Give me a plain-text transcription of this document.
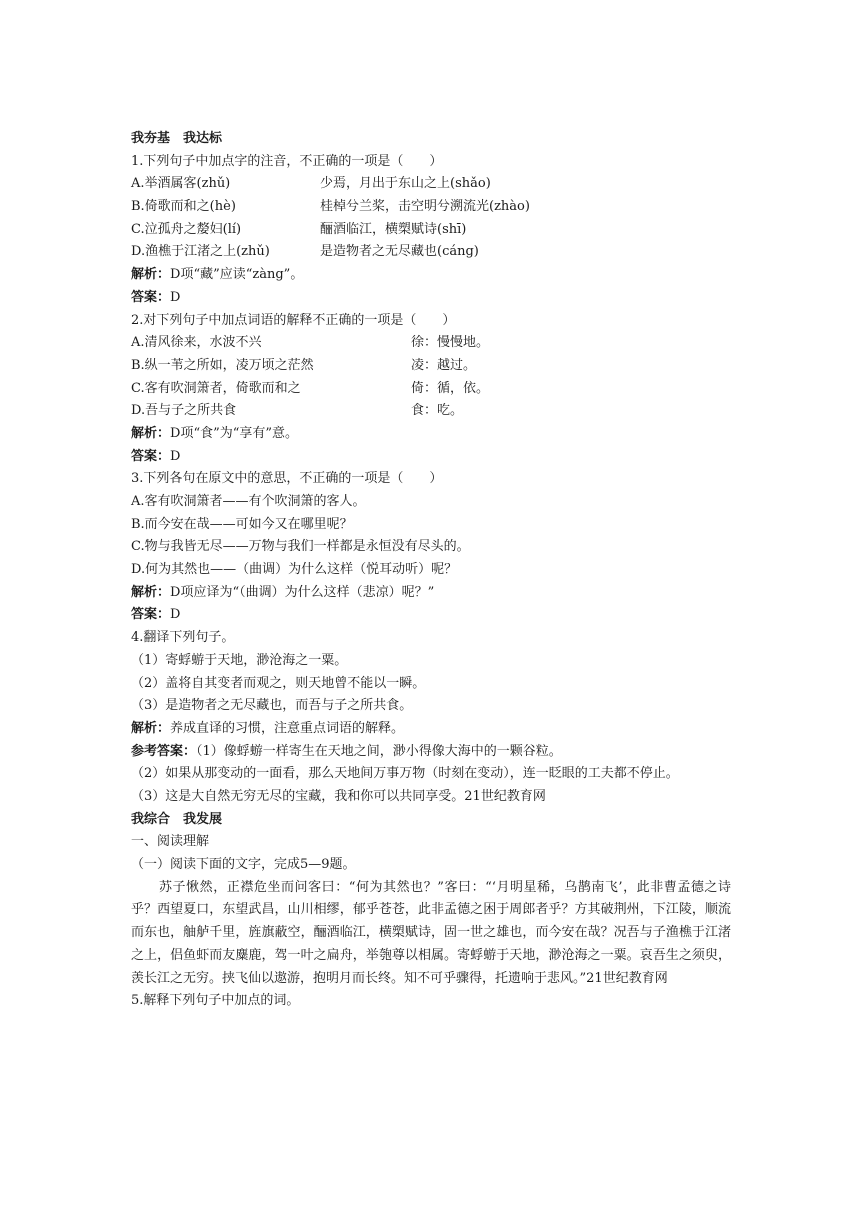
我夯基　我达标
1.下列句子中加点字的注音，不正确的一项是（　　）
A.举酒属客(zhǔ)	少焉，月出于东山之上(shǎo)
B.倚歌而和之(hè)	桂棹兮兰桨，击空明兮溯流光(zhào)
C.泣孤舟之嫠妇(lí)	酾酒临江，横槊赋诗(shī)
D.渔樵于江渚之上(zhǔ)	是造物者之无尽藏也(cáng)
解析：D项“藏”应读“zàng”。
答案：D
2.对下列句子中加点词语的解释不正确的一项是（　　）
A.清风徐来，水波不兴	徐：慢慢地。
B.纵一苇之所如，凌万顷之茫然	凌：越过。
C.客有吹洞箫者，倚歌而和之	倚：循，依。
D.吾与子之所共食	食：吃。
解析：D项“食”为“享有”意。
答案：D
3.下列各句在原文中的意思，不正确的一项是（　　）
A.客有吹洞箫者——有个吹洞箫的客人。
B.而今安在哉——可如今又在哪里呢？
C.物与我皆无尽——万物与我们一样都是永恒没有尽头的。
D.何为其然也——（曲调）为什么这样（悦耳动听）呢？
解析：D项应译为“（曲调）为什么这样（悲凉）呢？”
答案：D
4.翻译下列句子。
（1）寄蜉蝣于天地，渺沧海之一粟。
（2）盖将自其变者而观之，则天地曾不能以一瞬。
（3）是造物者之无尽藏也，而吾与子之所共食。
解析：养成直译的习惯，注意重点词语的解释。
参考答案：（1）像蜉蝣一样寄生在天地之间，渺小得像大海中的一颗谷粒。
（2）如果从那变动的一面看，那么天地间万事万物（时刻在变动），连一眨眼的工夫都不停止。
（3）这是大自然无穷无尽的宝藏，我和你可以共同享受。21世纪教育网
我综合　我发展
一、阅读理解
（一）阅读下面的文字，完成5—9题。
苏子愀然，正襟危坐而问客曰：“何为其然也？”客曰：“‘月明星稀，乌鹊南飞’，此非曹孟德之诗乎？西望夏口，东望武昌，山川相缪，郁乎苍苍，此非孟德之困于周郎者乎？方其破荆州，下江陵，顺流而东也，舳舻千里，旌旗蔽空，酾酒临江，横槊赋诗，固一世之雄也，而今安在哉？况吾与子渔樵于江渚之上，侣鱼虾而友麋鹿，驾一叶之扁舟，举匏尊以相属。寄蜉蝣于天地，渺沧海之一粟。哀吾生之须臾，羡长江之无穷。挟飞仙以遨游，抱明月而长终。知不可乎骤得，托遗响于悲风。”21世纪教育网
5.解释下列句子中加点的词。
